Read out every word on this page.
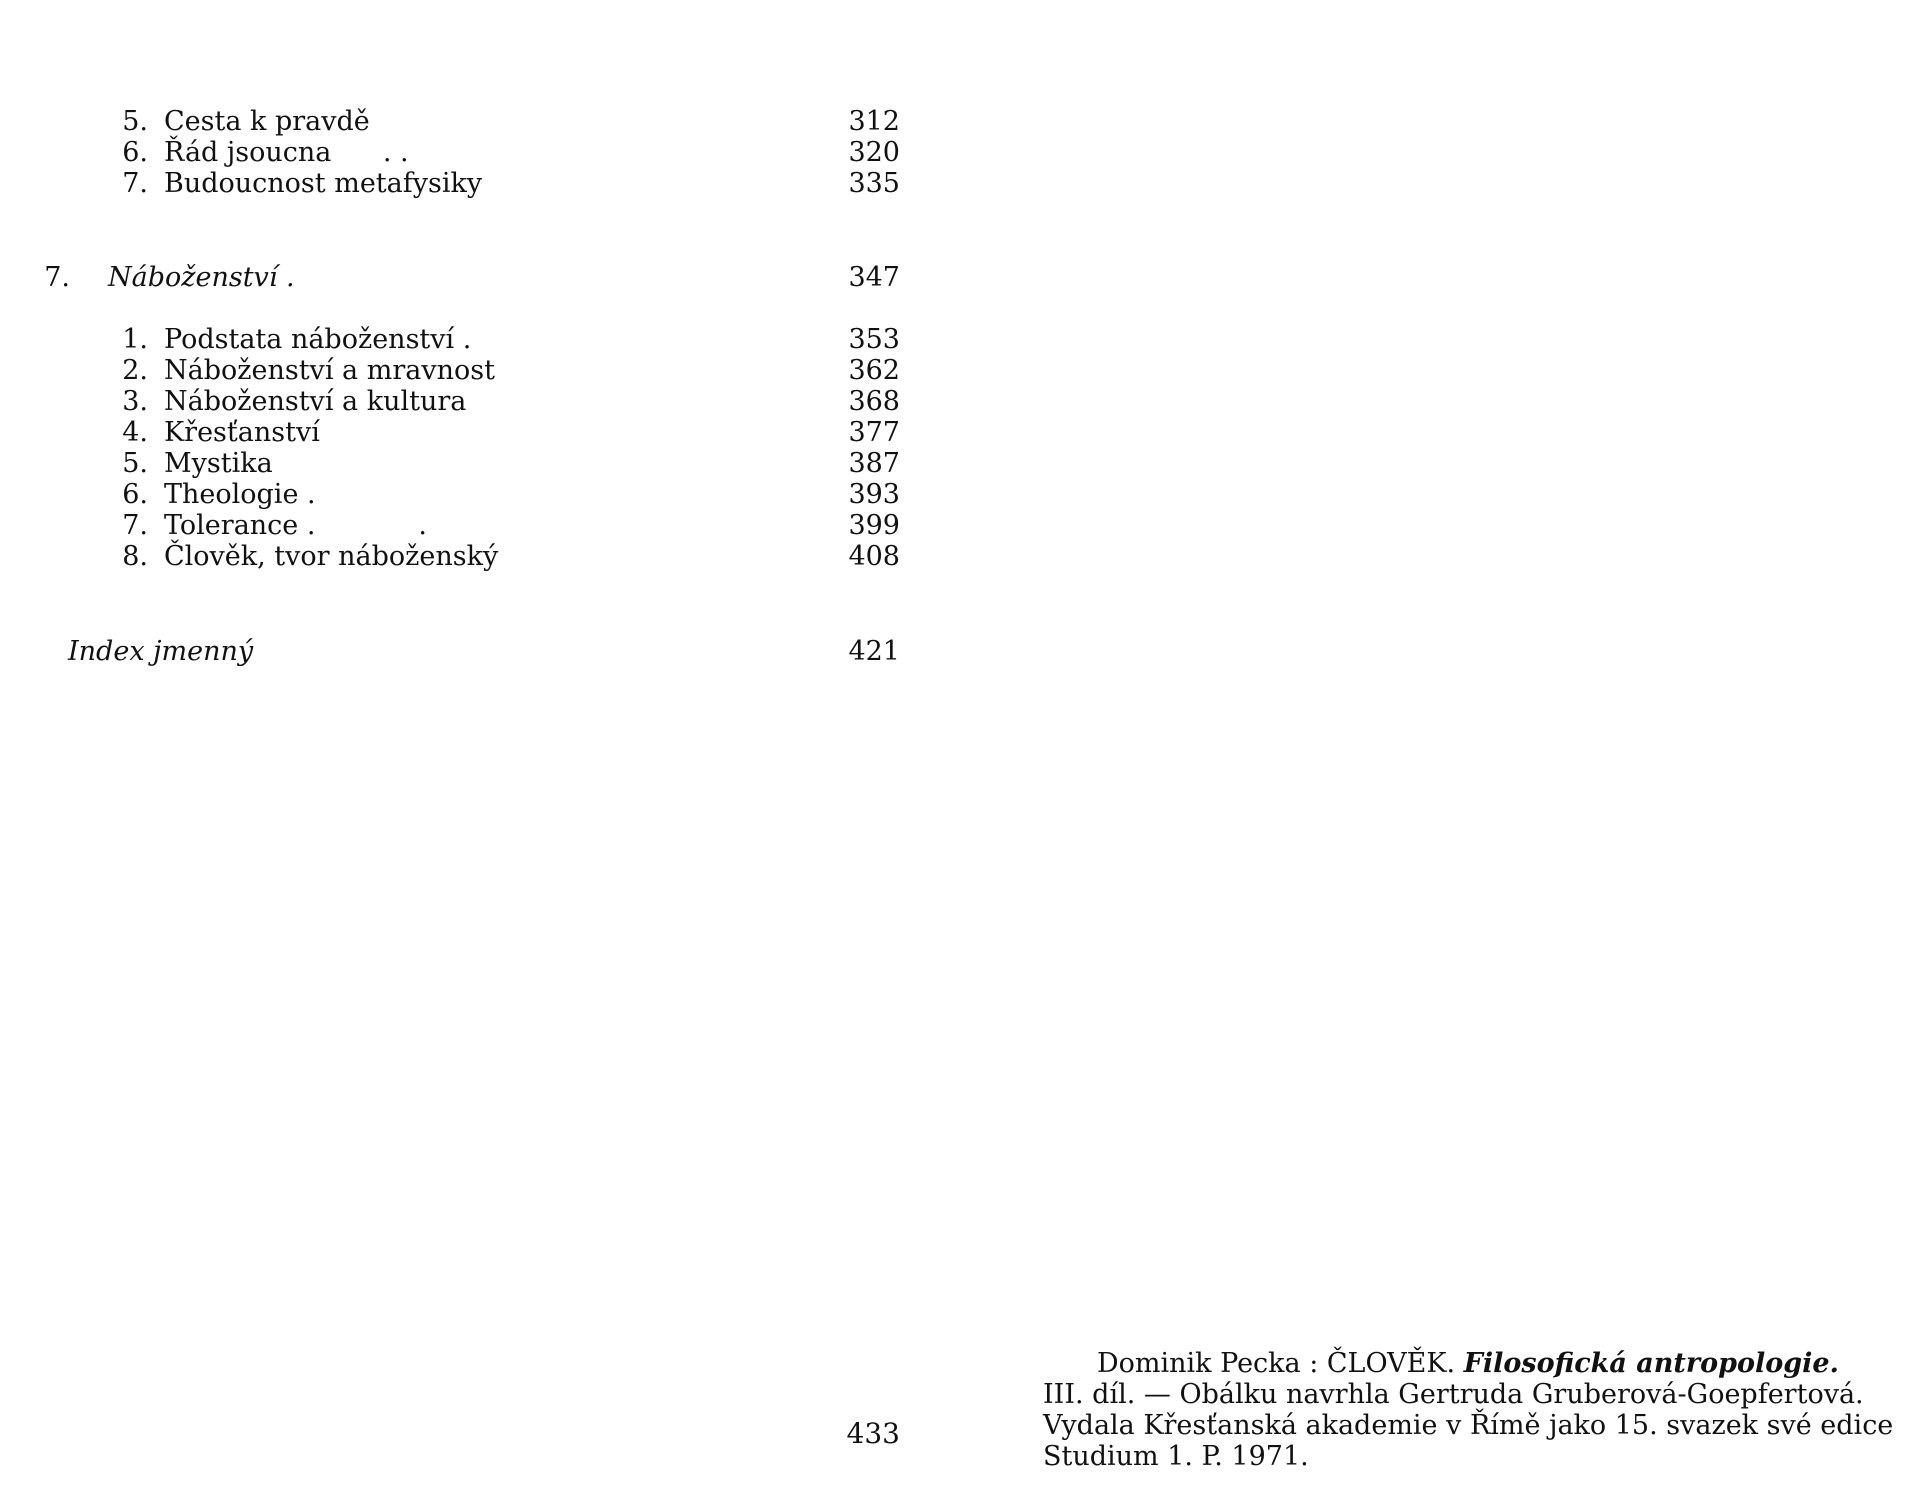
5. Cesta k pravdě	312
6. Řád jsoucna      . .	320
7. Budoucnost metafysiky	335
7. Náboženství .	347
1. Podstata náboženství .	353
2. Náboženství a mravnost	362
3. Náboženství a kultura	368
4. Křesťanství	377
5. Mystika	387
6. Theologie .	393
7. Tolerance .            .	399
8. Člověk, tvor náboženský	408
Index jmenný	421
433
Dominik Pecka : ČLOVĚK. Filosofická antropologie.
III. díl. — Obálku navrhla Gertruda Gruberová-Goepfertová.
Vydala Křesťanská akademie v Římě jako 15. svazek své edice
Studium 1. P. 1971.
